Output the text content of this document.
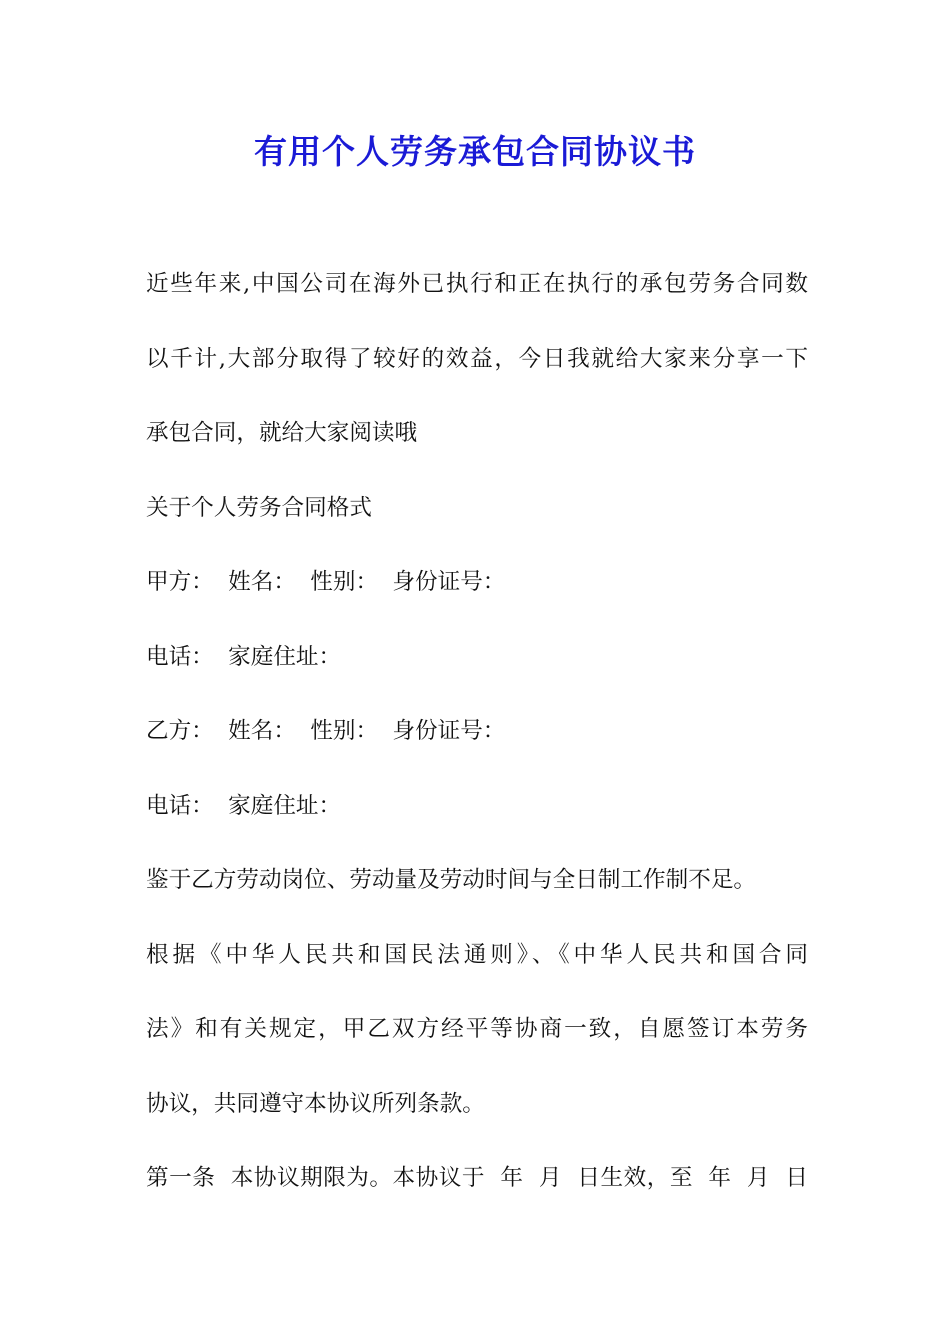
有用个人劳务承包合同协议书
近些年来,中国公司在海外已执行和正在执行的承包劳务合同数
以千计,大部分取得了较好的效益，今日我就给大家来分享一下
承包合同，就给大家阅读哦
关于个人劳务合同格式
甲方：  姓名：  性别：  身份证号：
电话：  家庭住址：
乙方：  姓名：  性别：  身份证号：
电话：  家庭住址：
鉴于乙方劳动岗位、劳动量及劳动时间与全日制工作制不足。
根据《中华人民共和国民法通则》、《中华人民共和国合同
法》和有关规定，甲乙双方经平等协商一致，自愿签订本劳务
协议，共同遵守本协议所列条款。
第一条  本协议期限为。本协议于  年  月  日生效，至  年  月  日
